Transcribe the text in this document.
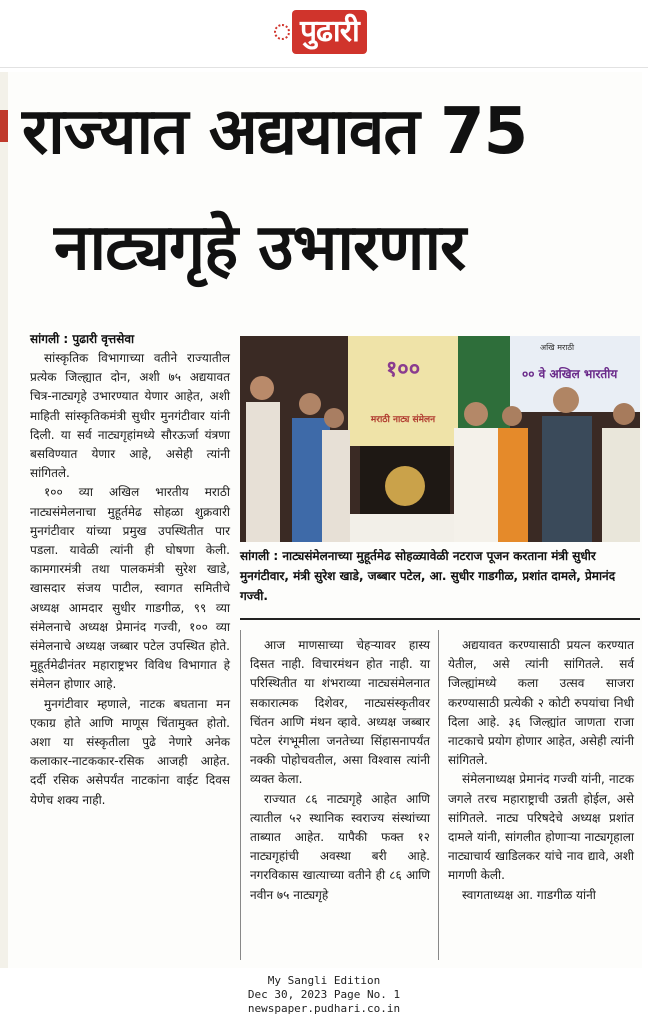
पुढारी
राज्यात अद्ययावत 75
नाट्यगृहे उभारणार
सांगली : पुढारी वृत्तसेवा

सांस्कृतिक विभागाच्या वतीने राज्यातील प्रत्येक जिल्ह्यात दोन, अशी ७५ अद्ययावत चित्र-नाट्यगृहे उभारण्यात येणार आहेत, अशी माहिती सांस्कृतिकमंत्री सुधीर मुनगंटीवार यांनी दिली. या सर्व नाट्यगृहांमध्ये सौरऊर्जा यंत्रणा बसविण्यात येणार आहे, असेही त्यांनी सांगितले.

१०० व्या अखिल भारतीय मराठी नाट्यसंमेलनाचा मुहूर्तमेढ सोहळा शुक्रवारी मुनगंटीवार यांच्या प्रमुख उपस्थितीत पार पडला. यावेळी त्यांनी ही घोषणा केली. कामगारमंत्री तथा पालकमंत्री सुरेश खाडे, खासदार संजय पाटील, स्वागत समितीचे अध्यक्ष आमदार सुधीर गाडगीळ, ९९ व्या संमेलनाचे अध्यक्ष प्रेमानंद गज्वी, १०० व्या संमेलनाचे अध्यक्ष जब्बार पटेल उपस्थित होते. मुहूर्तमेढीनंतर महाराष्ट्रभर विविध विभागात हे संमेलन होणार आहे.

मुनगंटीवार म्हणाले, नाटक बघताना मन एकाग्र होते आणि माणूस चिंतामुक्त होतो. अशा या संस्कृतीला पुढे नेणारे अनेक कलाकार-नाटककार-रसिक आजही आहेत. दर्दी रसिक असेपर्यंत नाटकांना वाईट दिवस येणेच शक्य नाही.

१००
मराठी नाट्य संमेलन
अखि मराठी
०० वे अखिल भारतीय
सांगली : नाट्यसंमेलनाच्या मुहूर्तमेढ सोहळ्यावेळी नटराज पूजन करताना मंत्री सुधीर मुनगंटीवार, मंत्री सुरेश खाडे, जब्बार पटेल, आ. सुधीर गाडगीळ, प्रशांत दामले, प्रेमानंद गज्वी.

आज माणसाच्या चेहऱ्यावर हास्य दिसत नाही. विचारमंथन होत नाही. या परिस्थितीत या शंभराव्या नाट्यसंमेलनात सकारात्मक दिशेवर, नाट्यसंस्कृतीवर चिंतन आणि मंथन व्हावे. अध्यक्ष जब्बार पटेल रंगभूमीला जनतेच्या सिंहासनापर्यंत नक्की पोहोचवतील, असा विश्वास त्यांनी व्यक्त केला.

राज्यात ८६ नाट्यगृहे आहेत आणि त्यातील ५२ स्थानिक स्वराज्य संस्थांच्या ताब्यात आहेत. यापैकी फक्त १२ नाट्यगृहांची अवस्था बरी आहे. नगरविकास खात्याच्या वतीने ही ८६ आणि नवीन ७५ नाट्यगृहे

अद्ययावत करण्यासाठी प्रयत्न करण्यात येतील, असे त्यांनी सांगितले. सर्व जिल्ह्यांमध्ये कला उत्सव साजरा करण्यासाठी प्रत्येकी २ कोटी रुपयांचा निधी दिला आहे. ३६ जिल्ह्यांत जाणता राजा नाटकाचे प्रयोग होणार आहेत, असेही त्यांनी सांगितले.

संमेलनाध्यक्ष प्रेमानंद गज्वी यांनी, नाटक जगले तरच महाराष्ट्राची उन्नती होईल, असे सांगितले. नाट्य परिषदेचे अध्यक्ष प्रशांत दामले यांनी, सांगलीत होणाऱ्या नाट्यगृहाला नाट्याचार्य खाडिलकर यांचे नाव द्यावे, अशी मागणी केली.

स्वागताध्यक्ष आ. गाडगीळ यांनी

My Sangli Edition
Dec 30, 2023 Page No. 1
newspaper.pudhari.co.in
